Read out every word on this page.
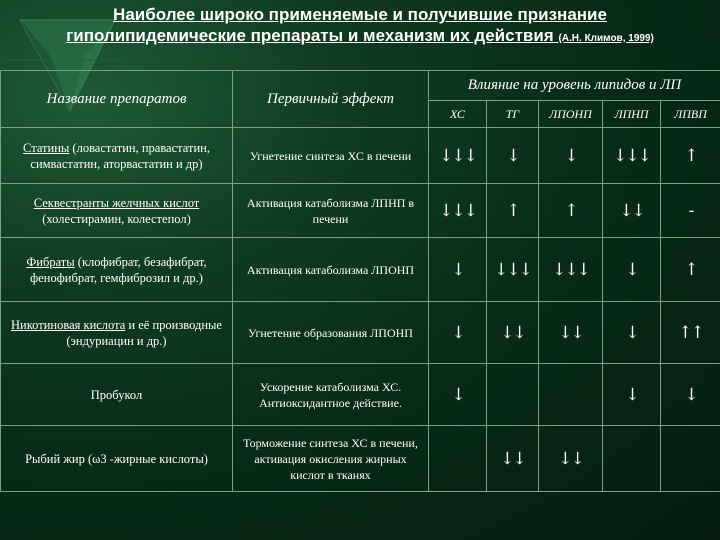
Наиболее широко применяемые и получившие признание
гиполипидемические препараты и механизм их действия (А.Н. Климов, 1999)
Название препаратов	Первичный эффект	Влияние на уровень липидов и ЛП				
		ХС	ТГ	ЛПОНП	ЛПНП	ЛПВП
Статины (ловастатин, правастатин, симвастатин, аторвастатин и др)	Угнетение синтеза ХС в печени	↓↓↓	↓	↓	↓↓↓	↑
Секвестранты желчных кислот (холестирамин, колестепол)	Активация катаболизма ЛПНП в печени	↓↓↓	↑	↑	↓↓	-
Фибраты (клофибрат, безафибрат, фенофибрат, гемфиброзил и др.)	Активация катаболизма ЛПОНП	↓	↓↓↓	↓↓↓	↓	↑
Никотиновая кислота и её производные (эндуриацин и др.)	Угнетение образования ЛПОНП	↓	↓↓	↓↓	↓	↑↑
Пробукол	Ускорение катаболизма ХС. Антиоксидантное действие.	↓			↓	↓
Рыбий жир (ω3 -жирные кислоты)	Торможение синтеза ХС в печени, активация окисления жирных кислот в тканях		↓↓	↓↓		
